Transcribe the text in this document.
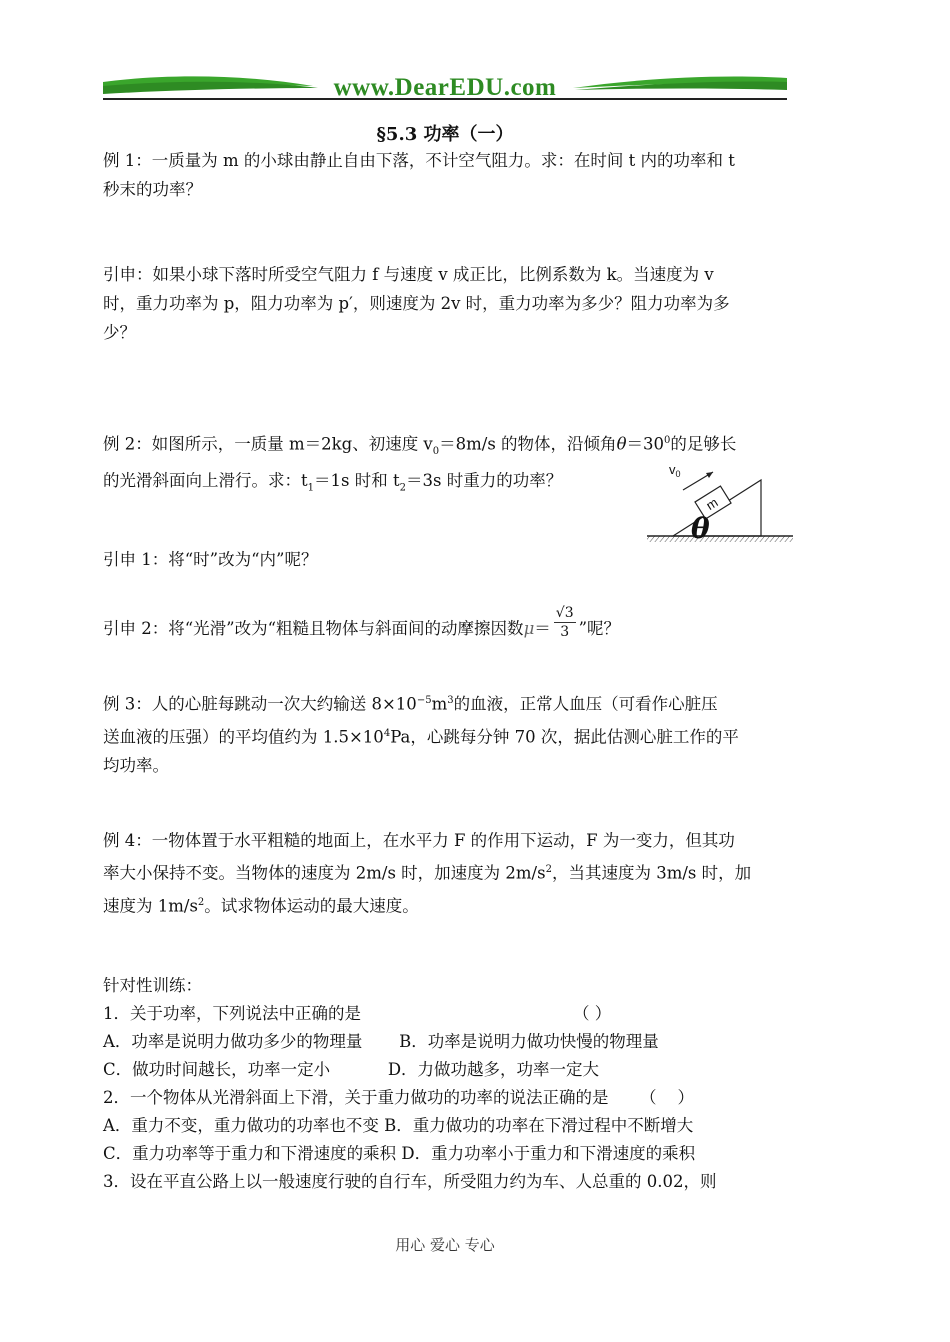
www.DearEDU.com
§5.3 功率（一）
例 1：一质量为 m 的小球由静止自由下落，不计空气阻力。求：在时间 t 内的功率和 t
秒末的功率？
引申：如果小球下落时所受空气阻力 f 与速度 v 成正比，比例系数为 k。当速度为 v
时，重力功率为 p，阻力功率为 p′，则速度为 2v 时，重力功率为多少？阻力功率为多
少？
例 2：如图所示，一质量 m＝2kg、初速度 $v_0=8m/s$ 的物体，沿倾角$\theta=30^0$的足够长
的光滑斜面向上滑行。求：$t_1=1s$ 时和 $t_2=3s$ 时重力的功率？
m
$v_0$
θ
引申 1：将“时”改为“内”呢？
引申 2：将“光滑”改为“粗糙且物体与斜面间的动摩擦因数$\mu= \frac{√3}{3}$ ”呢？
例 3：人的心脏每跳动一次大约输送 $8\times 10^{-5}m^3$的血液，正常人血压（可看作心脏压
送血液的压强）的平均值约为 $1.5\times 10^4Pa$，心跳每分钟 70 次，据此估测心脏工作的平
均功率。
例 4：一物体置于水平粗糙的地面上，在水平力 F 的作用下运动，F 为一变力，但其功
率大小保持不变。当物体的速度为 2m/s 时，加速度为 $2m/s^2$，当其速度为 3m/s 时，加
速度为 $1m/s^2$。试求物体运动的最大速度。
针对性训练：
1．关于功率，下列说法中正确的是	（ ）
A．功率是说明力做功多少的物理量       B．功率是说明力做功快慢的物理量
C．做功时间越长，功率一定小           D．力做功越多，功率一定大
2．一个物体从光滑斜面上下滑，关于重力做功的功率的说法正确的是      （    ）
A．重力不变，重力做功的功率也不变 B．重力做功的功率在下滑过程中不断增大
C．重力功率等于重力和下滑速度的乘积 D．重力功率小于重力和下滑速度的乘积
3．设在平直公路上以一般速度行驶的自行车，所受阻力约为车、人总重的 0.02，则
用心 爱心 专心
